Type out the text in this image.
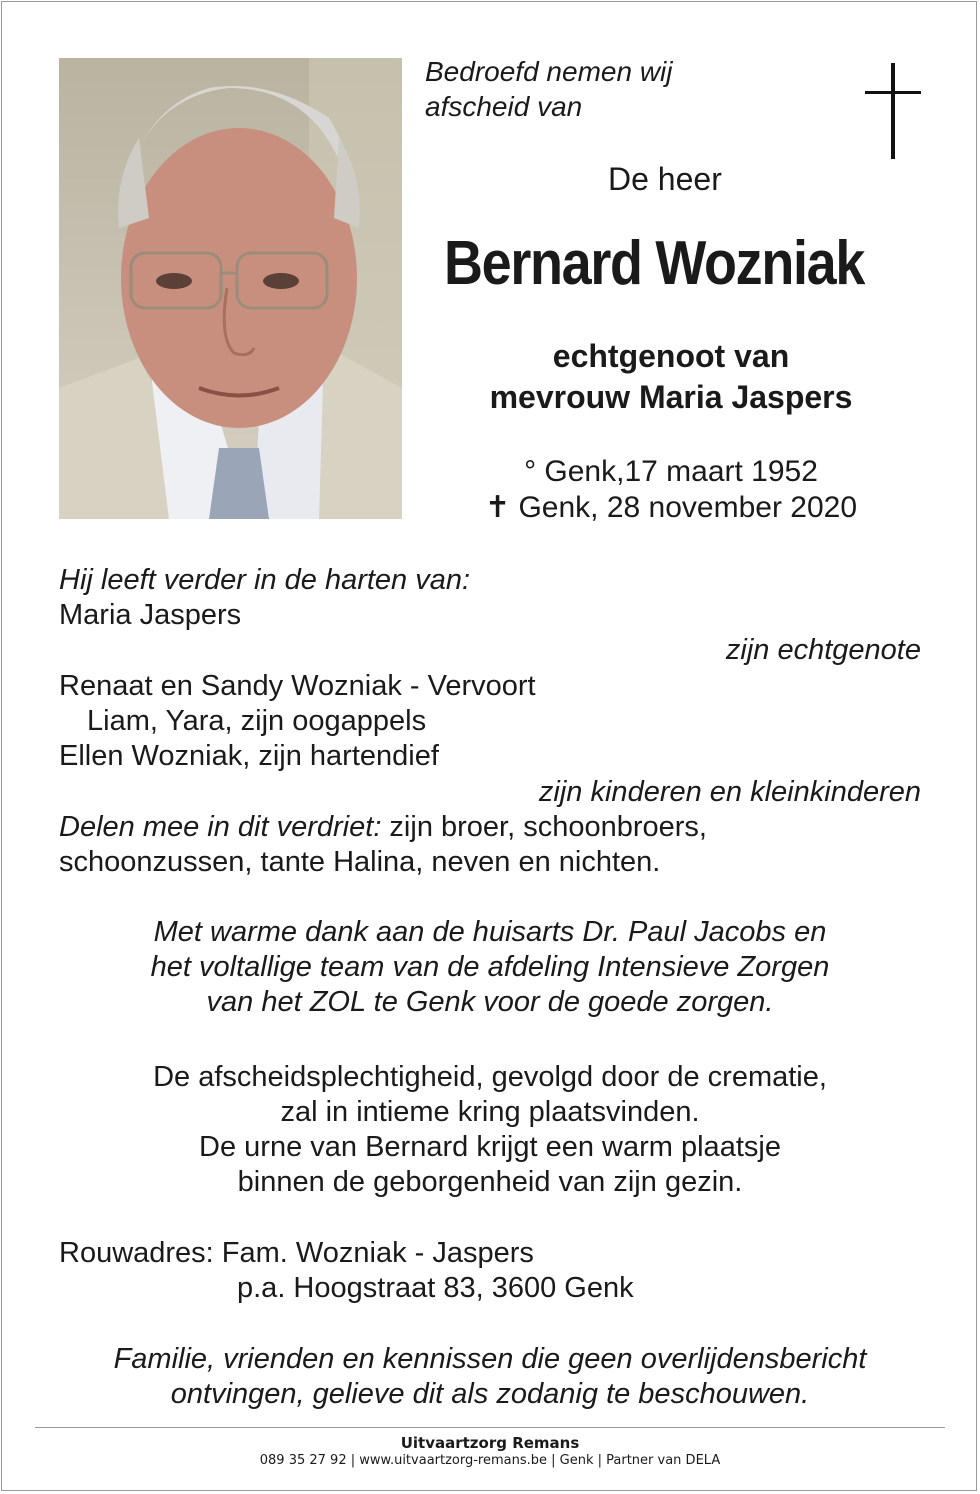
Bedroefd nemen wij
afscheid van
De heer
Bernard Wozniak
echtgenoot van
mevrouw Maria Jaspers
° Genk,17 maart 1952
✝ Genk, 28 november 2020
Hij leeft verder in de harten van:
Maria Jaspers
zijn echtgenote
Renaat en Sandy Wozniak - Vervoort
Liam, Yara, zijn oogappels
Ellen Wozniak, zijn hartendief
zijn kinderen en kleinkinderen
Delen mee in dit verdriet: zijn broer, schoonbroers,
schoonzussen, tante Halina, neven en nichten.
Met warme dank aan de huisarts Dr. Paul Jacobs en
het voltallige team van de afdeling Intensieve Zorgen
van het ZOL te Genk voor de goede zorgen.
De afscheidsplechtigheid, gevolgd door de crematie,
zal in intieme kring plaatsvinden.
De urne van Bernard krijgt een warm plaatsje
binnen de geborgenheid van zijn gezin.
Rouwadres: Fam. Wozniak - Jaspers
p.a. Hoogstraat 83, 3600 Genk
Familie, vrienden en kennissen die geen overlijdensbericht
ontvingen, gelieve dit als zodanig te beschouwen.
Uitvaartzorg Remans
089 35 27 92 | www.uitvaartzorg-remans.be | Genk | Partner van DELA
